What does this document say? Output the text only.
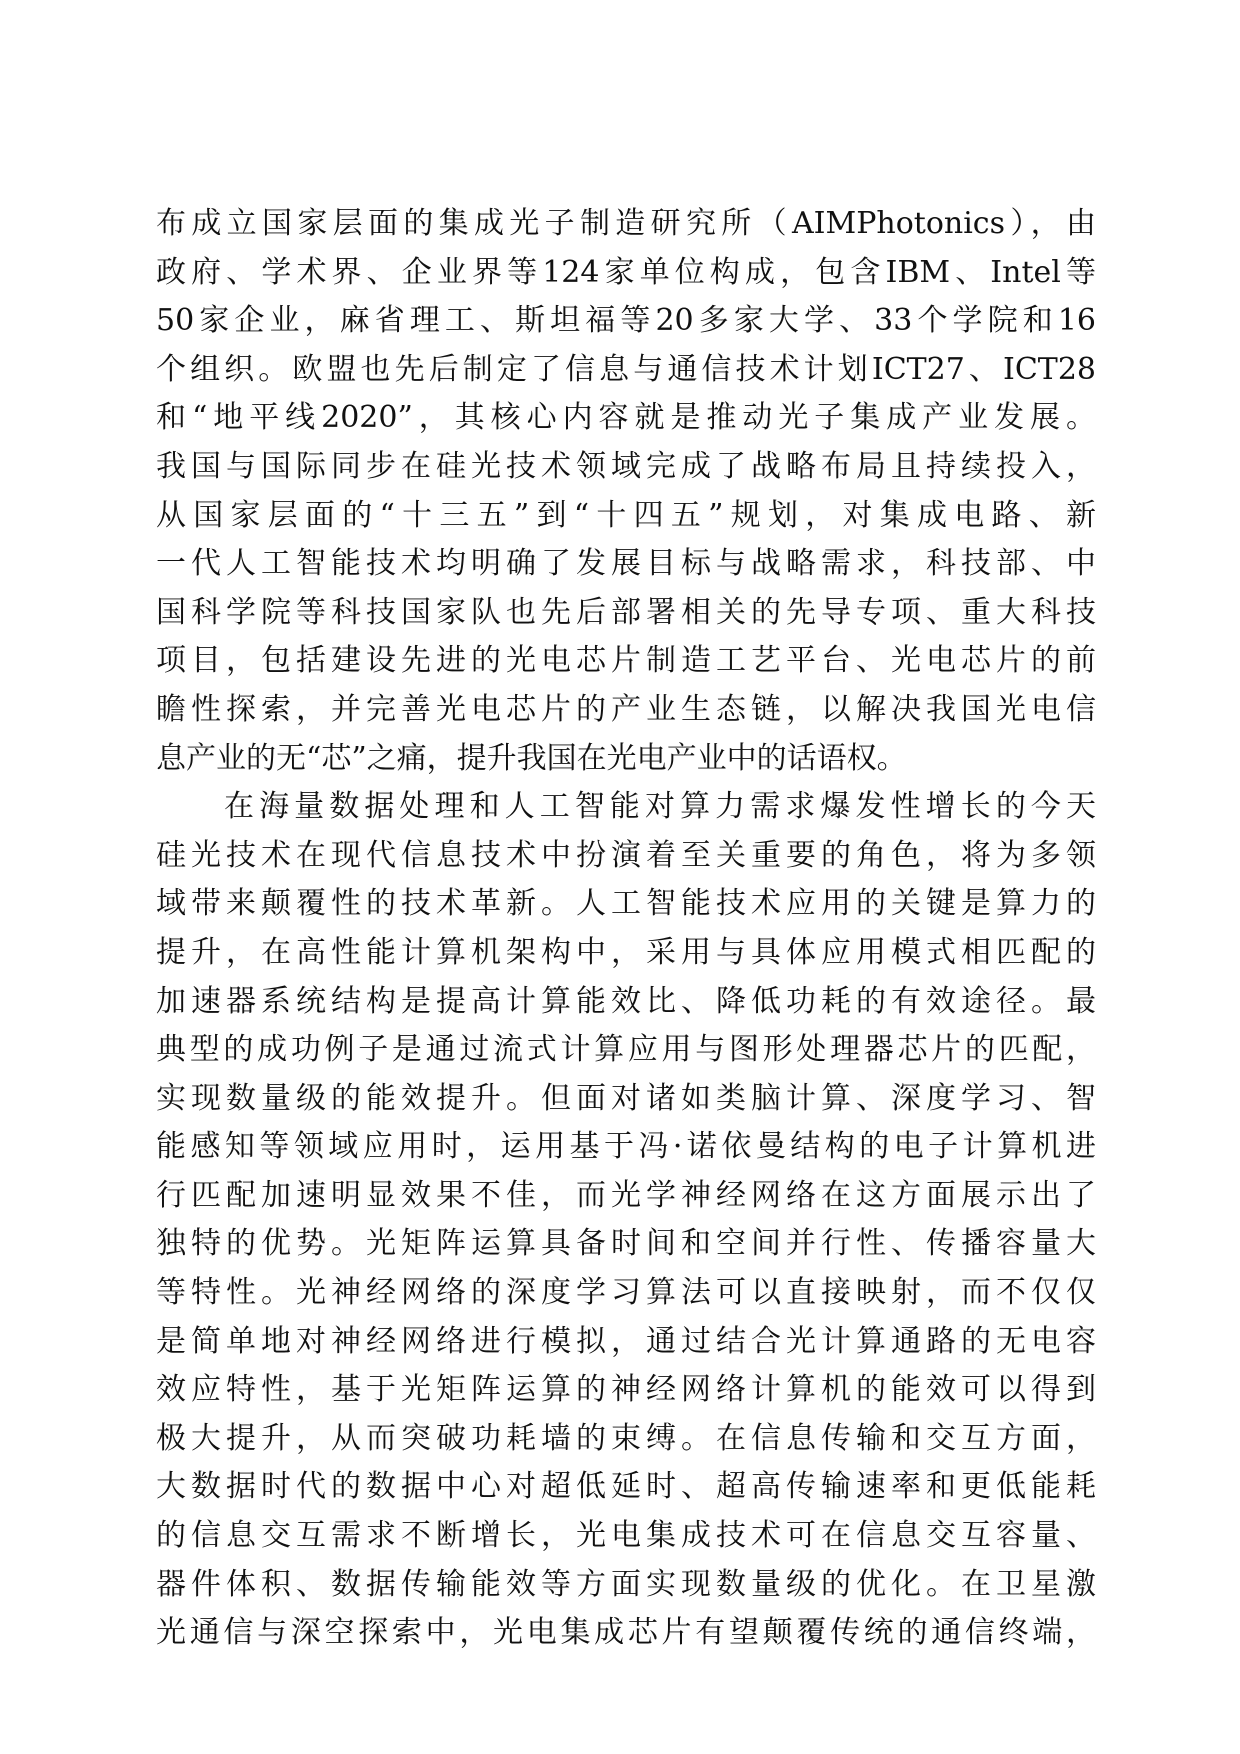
布成立国家层面的集成光子制造研究所（AIMPhotonics），由
政府、学术界、企业界等124家单位构成，包含IBM、Intel等
50家企业，麻省理工、斯坦福等20多家大学、33个学院和16
个组织。欧盟也先后制定了信息与通信技术计划ICT27、ICT28
和“地平线2020”，其核心内容就是推动光子集成产业发展。
我国与国际同步在硅光技术领域完成了战略布局且持续投入，
从国家层面的“十三五”到“十四五”规划，对集成电路、新
一代人工智能技术均明确了发展目标与战略需求，科技部、中
国科学院等科技国家队也先后部署相关的先导专项、重大科技
项目，包括建设先进的光电芯片制造工艺平台、光电芯片的前
瞻性探索，并完善光电芯片的产业生态链，以解决我国光电信
息产业的无“芯”之痛，提升我国在光电产业中的话语权。
在海量数据处理和人工智能对算力需求爆发性增长的今天
硅光技术在现代信息技术中扮演着至关重要的角色，将为多领
域带来颠覆性的技术革新。人工智能技术应用的关键是算力的
提升，在高性能计算机架构中，采用与具体应用模式相匹配的
加速器系统结构是提高计算能效比、降低功耗的有效途径。最
典型的成功例子是通过流式计算应用与图形处理器芯片的匹配，
实现数量级的能效提升。但面对诸如类脑计算、深度学习、智
能感知等领域应用时，运用基于冯·诺依曼结构的电子计算机进
行匹配加速明显效果不佳，而光学神经网络在这方面展示出了
独特的优势。光矩阵运算具备时间和空间并行性、传播容量大
等特性。光神经网络的深度学习算法可以直接映射，而不仅仅
是简单地对神经网络进行模拟，通过结合光计算通路的无电容
效应特性，基于光矩阵运算的神经网络计算机的能效可以得到
极大提升，从而突破功耗墙的束缚。在信息传输和交互方面，
大数据时代的数据中心对超低延时、超高传输速率和更低能耗
的信息交互需求不断增长，光电集成技术可在信息交互容量、
器件体积、数据传输能效等方面实现数量级的优化。在卫星激
光通信与深空探索中，光电集成芯片有望颠覆传统的通信终端，
